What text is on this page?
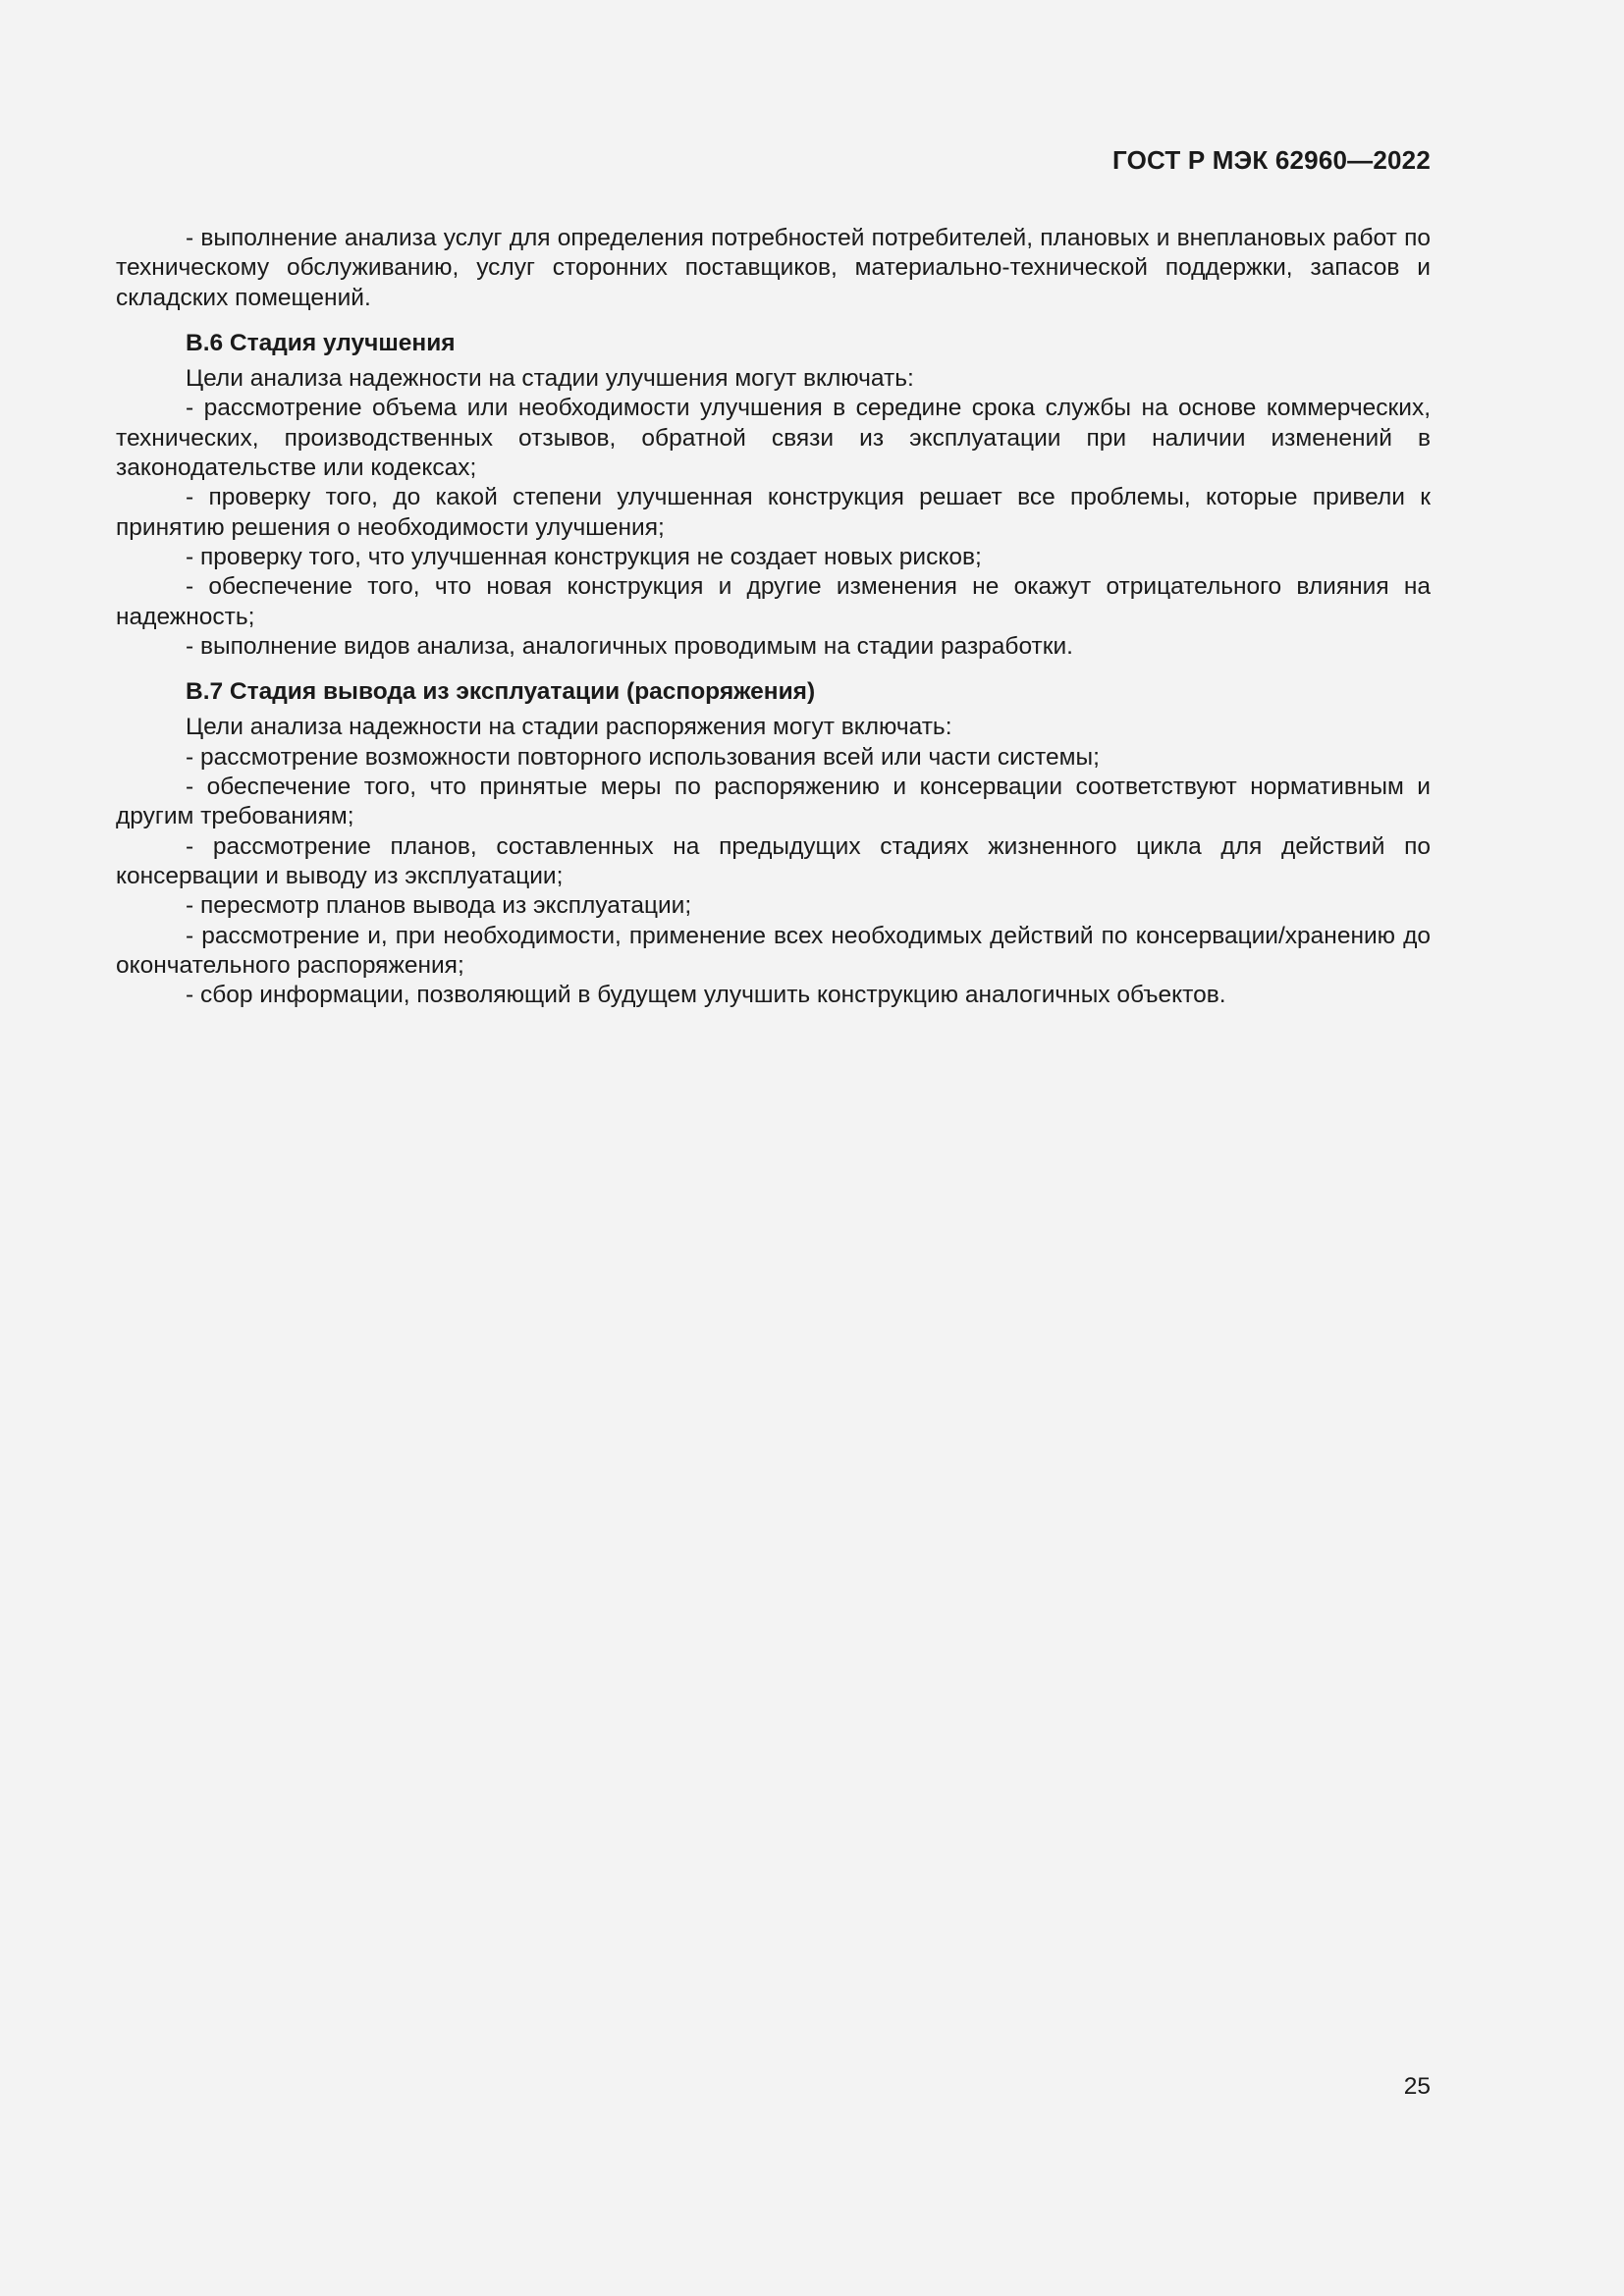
ГОСТ Р МЭК 62960—2022

- выполнение анализа услуг для определения потребностей потребителей, плановых и внеплановых работ по техническому обслуживанию, услуг сторонних поставщиков, материально-технической поддержки, запасов и складских помещений.

В.6 Стадия улучшения

Цели анализа надежности на стадии улучшения могут включать:

- рассмотрение объема или необходимости улучшения в середине срока службы на основе коммерческих, технических, производственных отзывов, обратной связи из эксплуатации при наличии изменений в законодательстве или кодексах;

- проверку того, до какой степени улучшенная конструкция решает все проблемы, которые привели к принятию решения о необходимости улучшения;

- проверку того, что улучшенная конструкция не создает новых рисков;

- обеспечение того, что новая конструкция и другие изменения не окажут отрицательного влияния на надежность;

- выполнение видов анализа, аналогичных проводимым на стадии разработки.

В.7 Стадия вывода из эксплуатации (распоряжения)

Цели анализа надежности на стадии распоряжения могут включать:

- рассмотрение возможности повторного использования всей или части системы;

- обеспечение того, что принятые меры по распоряжению и консервации соответствуют нормативным и другим требованиям;

- рассмотрение планов, составленных на предыдущих стадиях жизненного цикла для действий по консервации и выводу из эксплуатации;

- пересмотр планов вывода из эксплуатации;

- рассмотрение и, при необходимости, применение всех необходимых действий по консервации/хранению до окончательного распоряжения;

- сбор информации, позволяющий в будущем улучшить конструкцию аналогичных объектов.

25
